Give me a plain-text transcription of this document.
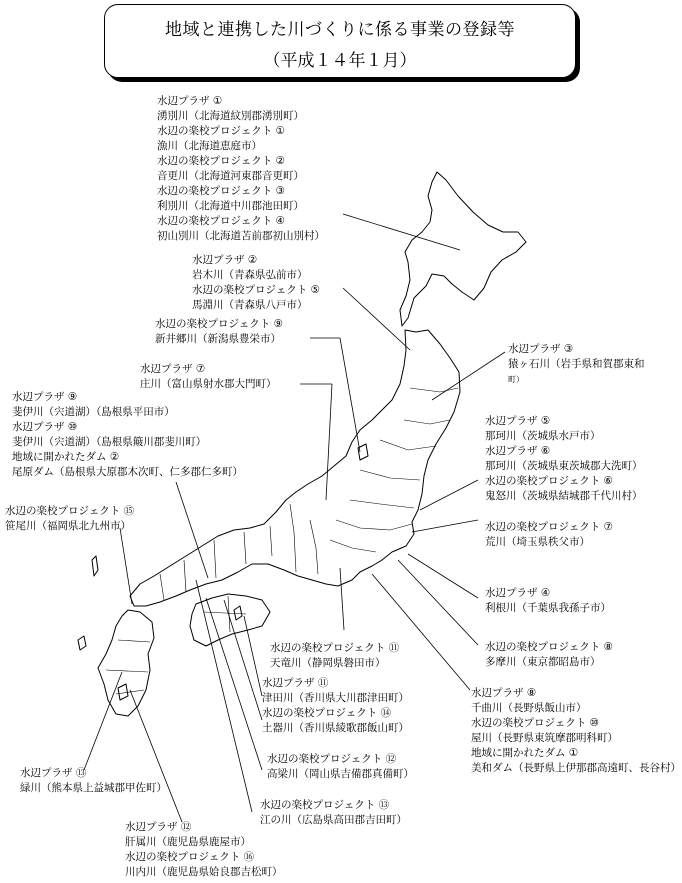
地域と連携した川づくりに係る事業の登録等
（平成１４年１月）
水辺プラザ ①
湧別川（北海道紋別郡湧別町）
水辺の楽校プロジェクト ①
漁川（北海道恵庭市）
水辺の楽校プロジェクト ②
音更川（北海道河東郡音更町）
水辺の楽校プロジェクト ③
利別川（北海道中川郡池田町）
水辺の楽校プロジェクト ④
初山別川（北海道苫前郡初山別村）
水辺プラザ ②
岩木川（青森県弘前市）
水辺の楽校プロジェクト ⑤
馬淵川（青森県八戸市）
水辺の楽校プロジェクト ⑨
新井郷川（新潟県豊栄市）
水辺プラザ ⑦
庄川（富山県射水郡大門町）
水辺プラザ ⑨
斐伊川（宍道湖）（島根県平田市）
水辺プラザ ⑩
斐伊川（宍道湖）（島根県簸川郡斐川町）
地域に開かれたダム ②
尾原ダム（島根県大原郡木次町、仁多郡仁多町）
水辺の楽校プロジェクト ⑮
笹尾川（福岡県北九州市）
水辺プラザ ③
猿ヶ石川（岩手県和賀郡東和
町）
水辺プラザ ⑤
那珂川（茨城県水戸市）
水辺プラザ ⑥
那珂川（茨城県東茨城郡大洗町）
水辺の楽校プロジェクト ⑥
鬼怒川（茨城県結城郡千代川村）
水辺の楽校プロジェクト ⑦
荒川（埼玉県秩父市）
水辺プラザ ④
利根川（千葉県我孫子市）
水辺の楽校プロジェクト ⑧
多摩川（東京都昭島市）
水辺の楽校プロジェクト ⑪
天竜川（静岡県磐田市）
水辺プラザ ⑧
千曲川（長野県飯山市）
水辺の楽校プロジェクト ⑩
屋川（長野県東筑摩郡明科町）
地域に開かれたダム ①
美和ダム（長野県上伊那郡高遠町、長谷村）
水辺プラザ ⑪
津田川（香川県大川郡津田町）
水辺の楽校プロジェクト ⑭
土器川（香川県綾歌郡飯山町）
水辺の楽校プロジェクト ⑫
高梁川（岡山県吉備郡真備町）
水辺の楽校プロジェクト ⑬
江の川（広島県高田郡吉田町）
水辺プラザ ⑬
緑川（熊本県上益城郡甲佐町）
水辺プラザ ⑫
肝属川（鹿児島県鹿屋市）
水辺の楽校プロジェクト ⑯
川内川（鹿児島県姶良郡吉松町）
